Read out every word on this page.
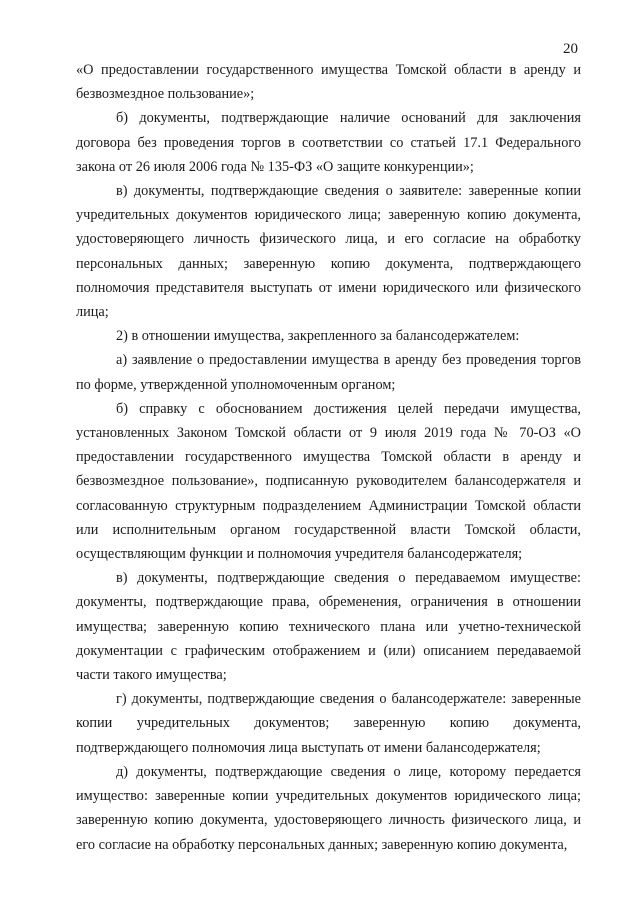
20

«О предоставлении государственного имущества Томской области в аренду и безвозмездное пользование»;

б) документы, подтверждающие наличие оснований для заключения договора без проведения торгов в соответствии со статьей 17.1 Федерального закона от 26 июля 2006 года № 135-ФЗ «О защите конкуренции»;

в) документы, подтверждающие сведения о заявителе: заверенные копии учредительных документов юридического лица; заверенную копию документа, удостоверяющего личность физического лица, и его согласие на обработку персональных данных; заверенную копию документа, подтверждающего полномочия представителя выступать от имени юридического или физического лица;

2) в отношении имущества, закрепленного за балансодержателем:

а) заявление о предоставлении имущества в аренду без проведения торгов по форме, утвержденной уполномоченным органом;

б) справку с обоснованием достижения целей передачи имущества, установленных Законом Томской области от 9 июля 2019 года № 70-ОЗ «О предоставлении государственного имущества Томской области в аренду и безвозмездное пользование», подписанную руководителем балансодержателя и согласованную структурным подразделением Администрации Томской области или исполнительным органом государственной власти Томской области, осуществляющим функции и полномочия учредителя балансодержателя;

в) документы, подтверждающие сведения о передаваемом имуществе: документы, подтверждающие права, обременения, ограничения в отношении имущества; заверенную копию технического плана или учетно-технической документации с графическим отображением и (или) описанием передаваемой части такого имущества;

г) документы, подтверждающие сведения о балансодержателе: заверенные копии учредительных документов; заверенную копию документа, подтверждающего полномочия лица выступать от имени балансодержателя;

д) документы, подтверждающие сведения о лице, которому передается имущество: заверенные копии учредительных документов юридического лица; заверенную копию документа, удостоверяющего личность физического лица, и его согласие на обработку персональных данных; заверенную копию документа,
